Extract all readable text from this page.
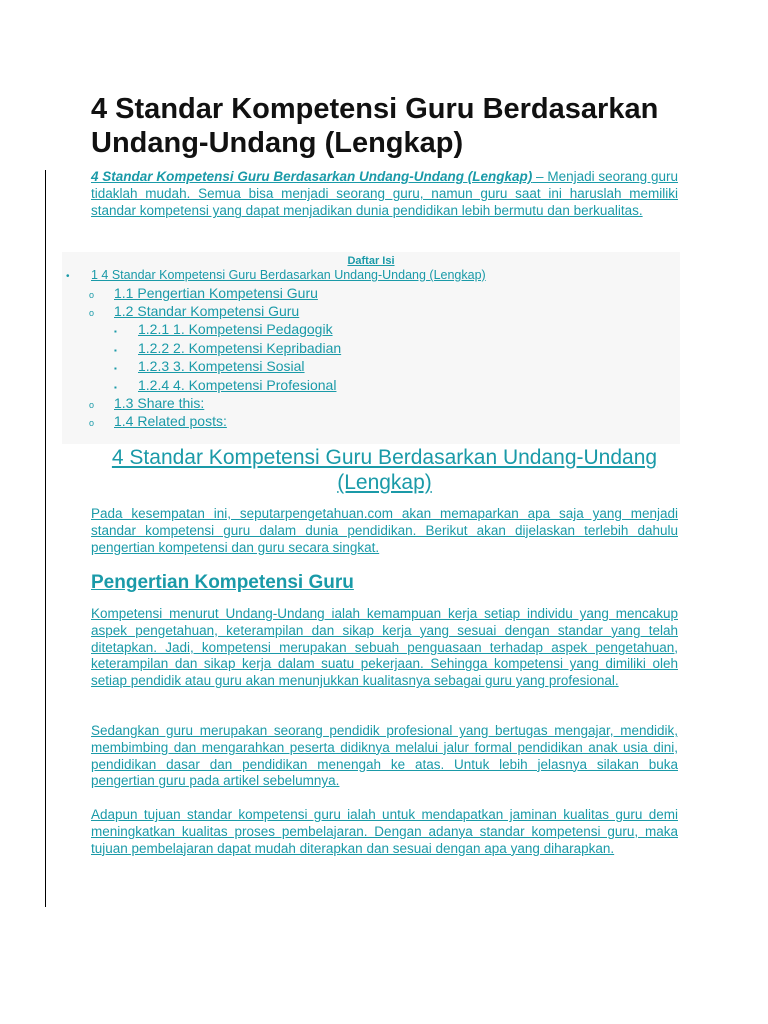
4 Standar Kompetensi Guru Berdasarkan Undang-Undang (Lengkap)

4 Standar Kompetensi Guru Berdasarkan Undang-Undang (Lengkap) – Menjadi seorang guru tidaklah mudah. Semua bisa menjadi seorang guru, namun guru saat ini haruslah memiliki standar kompetensi yang dapat menjadikan dunia pendidikan lebih bermutu dan berkualitas.

Daftar Isi
• 1 4 Standar Kompetensi Guru Berdasarkan Undang-Undang (Lengkap)
o 1.1 Pengertian Kompetensi Guru
o 1.2 Standar Kompetensi Guru
▪ 1.2.1 1. Kompetensi Pedagogik
▪ 1.2.2 2. Kompetensi Kepribadian
▪ 1.2.3 3. Kompetensi Sosial
▪ 1.2.4 4. Kompetensi Profesional
o 1.3 Share this:
o 1.4 Related posts:
4 Standar Kompetensi Guru Berdasarkan Undang-Undang (Lengkap)

Pada kesempatan ini, seputarpengetahuan.com akan memaparkan apa saja yang menjadi standar kompetensi guru dalam dunia pendidikan. Berikut akan dijelaskan terlebih dahulu pengertian kompetensi dan guru secara singkat.

Pengertian Kompetensi Guru

Kompetensi menurut Undang-Undang ialah kemampuan kerja setiap individu yang mencakup aspek pengetahuan, keterampilan dan sikap kerja yang sesuai dengan standar yang telah ditetapkan. Jadi, kompetensi merupakan sebuah penguasaan terhadap aspek pengetahuan, keterampilan dan sikap kerja dalam suatu pekerjaan. Sehingga kompetensi yang dimiliki oleh setiap pendidik atau guru akan menunjukkan kualitasnya sebagai guru yang profesional.

Sedangkan guru merupakan seorang pendidik profesional yang bertugas mengajar, mendidik, membimbing dan mengarahkan peserta didiknya melalui jalur formal pendidikan anak usia dini, pendidikan dasar dan pendidikan menengah ke atas. Untuk lebih jelasnya silakan buka pengertian guru pada artikel sebelumnya.

Adapun tujuan standar kompetensi guru ialah untuk mendapatkan jaminan kualitas guru demi meningkatkan kualitas proses pembelajaran. Dengan adanya standar kompetensi guru, maka tujuan pembelajaran dapat mudah diterapkan dan sesuai dengan apa yang diharapkan.
